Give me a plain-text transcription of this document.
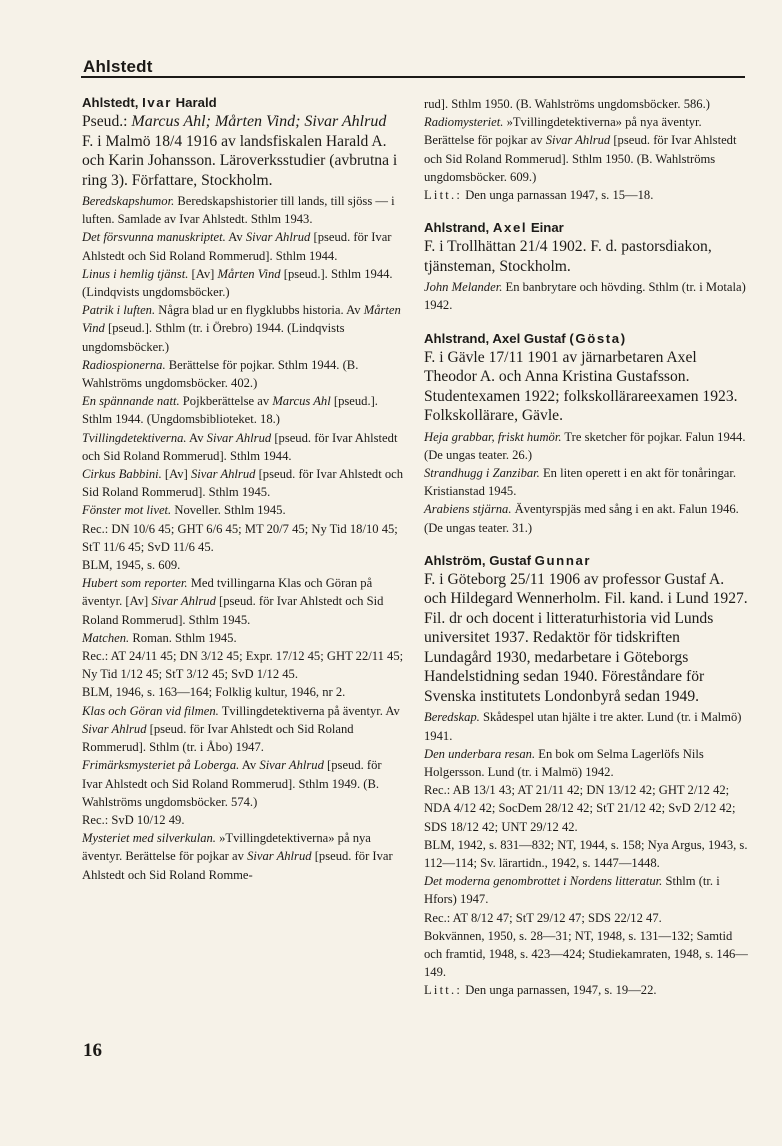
Ahlstedt
Ahlstedt, Ivar Harald
Pseud.: Marcus Ahl; Mårten Vind; Sivar Ahlrud
F. i Malmö 18/4 1916 av landsfiskalen Harald A. och Karin Johansson. Läroverksstudier (avbrutna i ring 3). Författare, Stockholm.
Beredskapshumor. Beredskapshistorier till lands, till sjöss — i luften. Samlade av Ivar Ahlstedt. Sthlm 1943.
Det försvunna manuskriptet. Av Sivar Ahlrud [pseud. för Ivar Ahlstedt och Sid Roland Rommerud]. Sthlm 1944.
Linus i hemlig tjänst. [Av] Mårten Vind [pseud.]. Sthlm 1944. (Lindqvists ungdomsböcker.)
Patrik i luften. Några blad ur en flygklubbs historia. Av Mårten Vind [pseud.]. Sthlm (tr. i Örebro) 1944. (Lindqvists ungdomsböcker.)
Radiospionerna. Berättelse för pojkar. Sthlm 1944. (B. Wahlströms ungdomsböcker. 402.)
En spännande natt. Pojkberättelse av Marcus Ahl [pseud.]. Sthlm 1944. (Ungdomsbiblioteket. 18.)
Tvillingdetektiverna. Av Sivar Ahlrud [pseud. för Ivar Ahlstedt och Sid Roland Rommerud]. Sthlm 1944.
Cirkus Babbini. [Av] Sivar Ahlrud [pseud. för Ivar Ahlstedt och Sid Roland Rommerud]. Sthlm 1945.
Fönster mot livet. Noveller. Sthlm 1945.
Rec.: DN 10/6 45; GHT 6/6 45; MT 20/7 45; Ny Tid 18/10 45; StT 11/6 45; SvD 11/6 45.
BLM, 1945, s. 609.
Hubert som reporter. Med tvillingarna Klas och Göran på äventyr. [Av] Sivar Ahlrud [pseud. för Ivar Ahlstedt och Sid Roland Rommerud]. Sthlm 1945.
Matchen. Roman. Sthlm 1945.
Rec.: AT 24/11 45; DN 3/12 45; Expr. 17/12 45; GHT 22/11 45; Ny Tid 1/12 45; StT 3/12 45; SvD 1/12 45.
BLM, 1946, s. 163—164; Folklig kultur, 1946, nr 2.
Klas och Göran vid filmen. Tvillingdetektiverna på äventyr. Av Sivar Ahlrud [pseud. för Ivar Ahlstedt och Sid Roland Rommerud]. Sthlm (tr. i Åbo) 1947.
Frimärksmysteriet på Loberga. Av Sivar Ahlrud [pseud. för Ivar Ahlstedt och Sid Roland Rommerud]. Sthlm 1949. (B. Wahlströms ungdomsböcker. 574.)
Rec.: SvD 10/12 49.
Mysteriet med silverkulan. »Tvillingdetektiverna» på nya äventyr. Berättelse för pojkar av Sivar Ahlrud [pseud. för Ivar Ahlstedt och Sid Roland Romme-
rud]. Sthlm 1950. (B. Wahlströms ungdomsböcker. 586.)
Radiomysteriet. »Tvillingdetektiverna» på nya äventyr. Berättelse för pojkar av Sivar Ahlrud [pseud. för Ivar Ahlstedt och Sid Roland Rommerud]. Sthlm 1950. (B. Wahlströms ungdomsböcker. 609.)
Litt.: Den unga parnassan 1947, s. 15—18.
Ahlstrand, Axel Einar
F. i Trollhättan 21/4 1902. F. d. pastorsdiakon, tjänsteman, Stockholm.
John Melander. En banbrytare och hövding. Sthlm (tr. i Motala) 1942.
Ahlstrand, Axel Gustaf (Gösta)
F. i Gävle 17/11 1901 av järnarbetaren Axel Theodor A. och Anna Kristina Gustafsson. Studentexamen 1922; folkskollärareexamen 1923. Folkskollärare, Gävle.
Heja grabbar, friskt humör. Tre sketcher för pojkar. Falun 1944. (De ungas teater. 26.)
Strandhugg i Zanzibar. En liten operett i en akt för tonåringar. Kristianstad 1945.
Arabiens stjärna. Äventyrspjäs med sång i en akt. Falun 1946. (De ungas teater. 31.)
Ahlström, Gustaf Gunnar
F. i Göteborg 25/11 1906 av professor Gustaf A. och Hildegard Wennerholm. Fil. kand. i Lund 1927. Fil. dr och docent i litteraturhistoria vid Lunds universitet 1937. Redaktör för tidskriften Lundagård 1930, medarbetare i Göteborgs Handelstidning sedan 1940. Föreståndare för Svenska institutets Londonbyrå sedan 1949.
Beredskap. Skådespel utan hjälte i tre akter. Lund (tr. i Malmö) 1941.
Den underbara resan. En bok om Selma Lagerlöfs Nils Holgersson. Lund (tr. i Malmö) 1942.
Rec.: AB 13/1 43; AT 21/11 42; DN 13/12 42; GHT 2/12 42; NDA 4/12 42; SocDem 28/12 42; StT 21/12 42; SvD 2/12 42; SDS 18/12 42; UNT 29/12 42.
BLM, 1942, s. 831—832; NT, 1944, s. 158; Nya Argus, 1943, s. 112—114; Sv. lärartidn., 1942, s. 1447—1448.
Det moderna genombrottet i Nordens litteratur. Sthlm (tr. i Hfors) 1947.
Rec.: AT 8/12 47; StT 29/12 47; SDS 22/12 47.
Bokvännen, 1950, s. 28—31; NT, 1948, s. 131—132; Samtid och framtid, 1948, s. 423—424; Studiekamraten, 1948, s. 146—149.
Litt.: Den unga parnassen, 1947, s. 19—22.
16
